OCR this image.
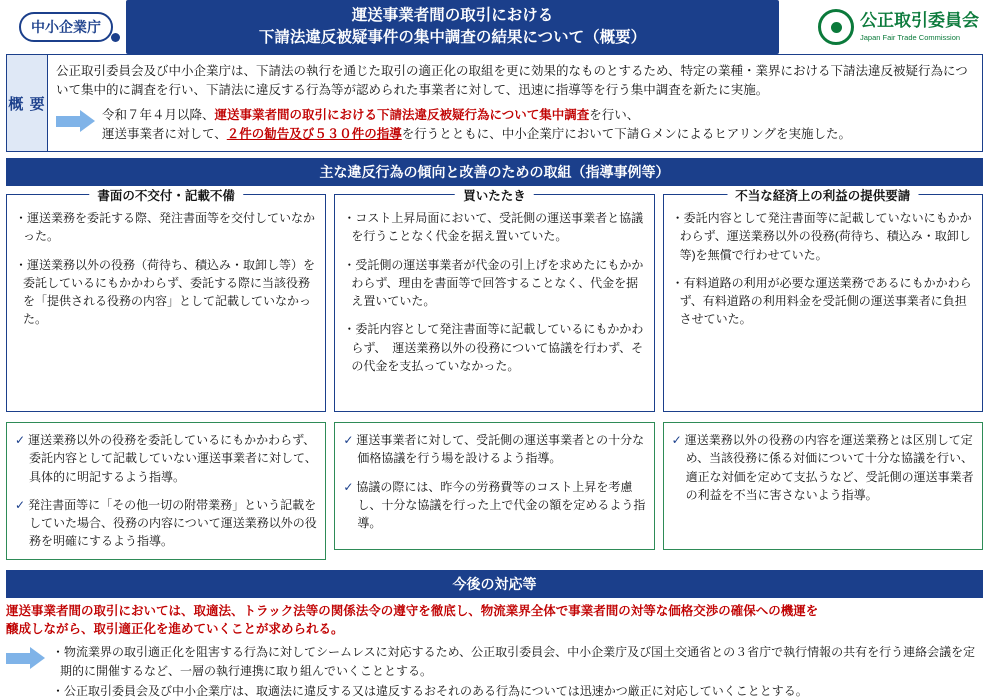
中小企業庁
運送事業者間の取引における
下請法違反被疑事件の集中調査の結果について（概要）
公正取引委員会
Japan Fair Trade Commission
概 要
公正取引委員会及び中小企業庁は、下請法の執行を通じた取引の適正化の取組を更に効果的なものとするため、特定の業種・業界における下請法違反被疑行為について集中的に調査を行い、下請法に違反する行為等が認められた事業者に対して、迅速に指導等を行う集中調査を新たに実施。
令和７年４月以降、運送事業者間の取引における下請法違反被疑行為について集中調査を行い、
運送事業者に対して、２件の勧告及び５３０件の指導を行うとともに、中小企業庁において下請Ｇメンによるヒアリングを実施した。
主な違反行為の傾向と改善のための取組（指導事例等）
書面の不交付・記載不備

・運送業務を委託する際、発注書面等を交付していなかった。

・運送業務以外の役務（荷待ち、積込み・取卸し等）を委託しているにもかかわらず、委託する際に当該役務を「提供される役務の内容」として記載していなかった。

✓ 運送業務以外の役務を委託しているにもかかわらず、委託内容として記載していない運送事業者に対して、具体的に明記するよう指導。

✓ 発注書面等に「その他一切の附帯業務」という記載をしていた場合、役務の内容について運送業務以外の役務を明確にするよう指導。

買いたたき

・コスト上昇局面において、受託側の運送事業者と協議を行うことなく代金を据え置いていた。

・受託側の運送事業者が代金の引上げを求めたにもかかわらず、理由を書面等で回答することなく、代金を据え置いていた。

・委託内容として発注書面等に記載しているにもかかわらず、　運送業務以外の役務について協議を行わず、その代金を支払っていなかった。

✓ 運送事業者に対して、受託側の運送事業者との十分な価格協議を行う場を設けるよう指導。

✓ 協議の際には、昨今の労務費等のコスト上昇を考慮し、十分な協議を行った上で代金の額を定めるよう指導。

不当な経済上の利益の提供要請

・委託内容として発注書面等に記載していないにもかかわらず、運送業務以外の役務(荷待ち、積込み・取卸し等)を無償で行わせていた。

・有料道路の利用が必要な運送業務であるにもかかわらず、有料道路の利用料金を受託側の運送事業者に負担させていた。

✓ 運送業務以外の役務の内容を運送業務とは区別して定め、当該役務に係る対価について十分な協議を行い、適正な対価を定めて支払うなど、受託側の運送事業者の利益を不当に害さないよう指導。

今後の対応等
運送事業者間の取引においては、取適法、トラック法等の関係法令の遵守を徹底し、物流業界全体で事業者間の対等な価格交渉の確保への機運を
醸成しながら、取引適正化を進めていくことが求められる。
・物流業界の取引適正化を阻害する行為に対してシームレスに対応するため、公正取引委員会、中小企業庁及び国土交通省との３省庁で執行情報の共有を行う連絡会議を定期的に開催するなど、一層の執行連携に取り組んでいくこととする。
・公正取引委員会及び中小企業庁は、取適法に違反する又は違反するおそれのある行為については迅速かつ厳正に対応していくこととする。
